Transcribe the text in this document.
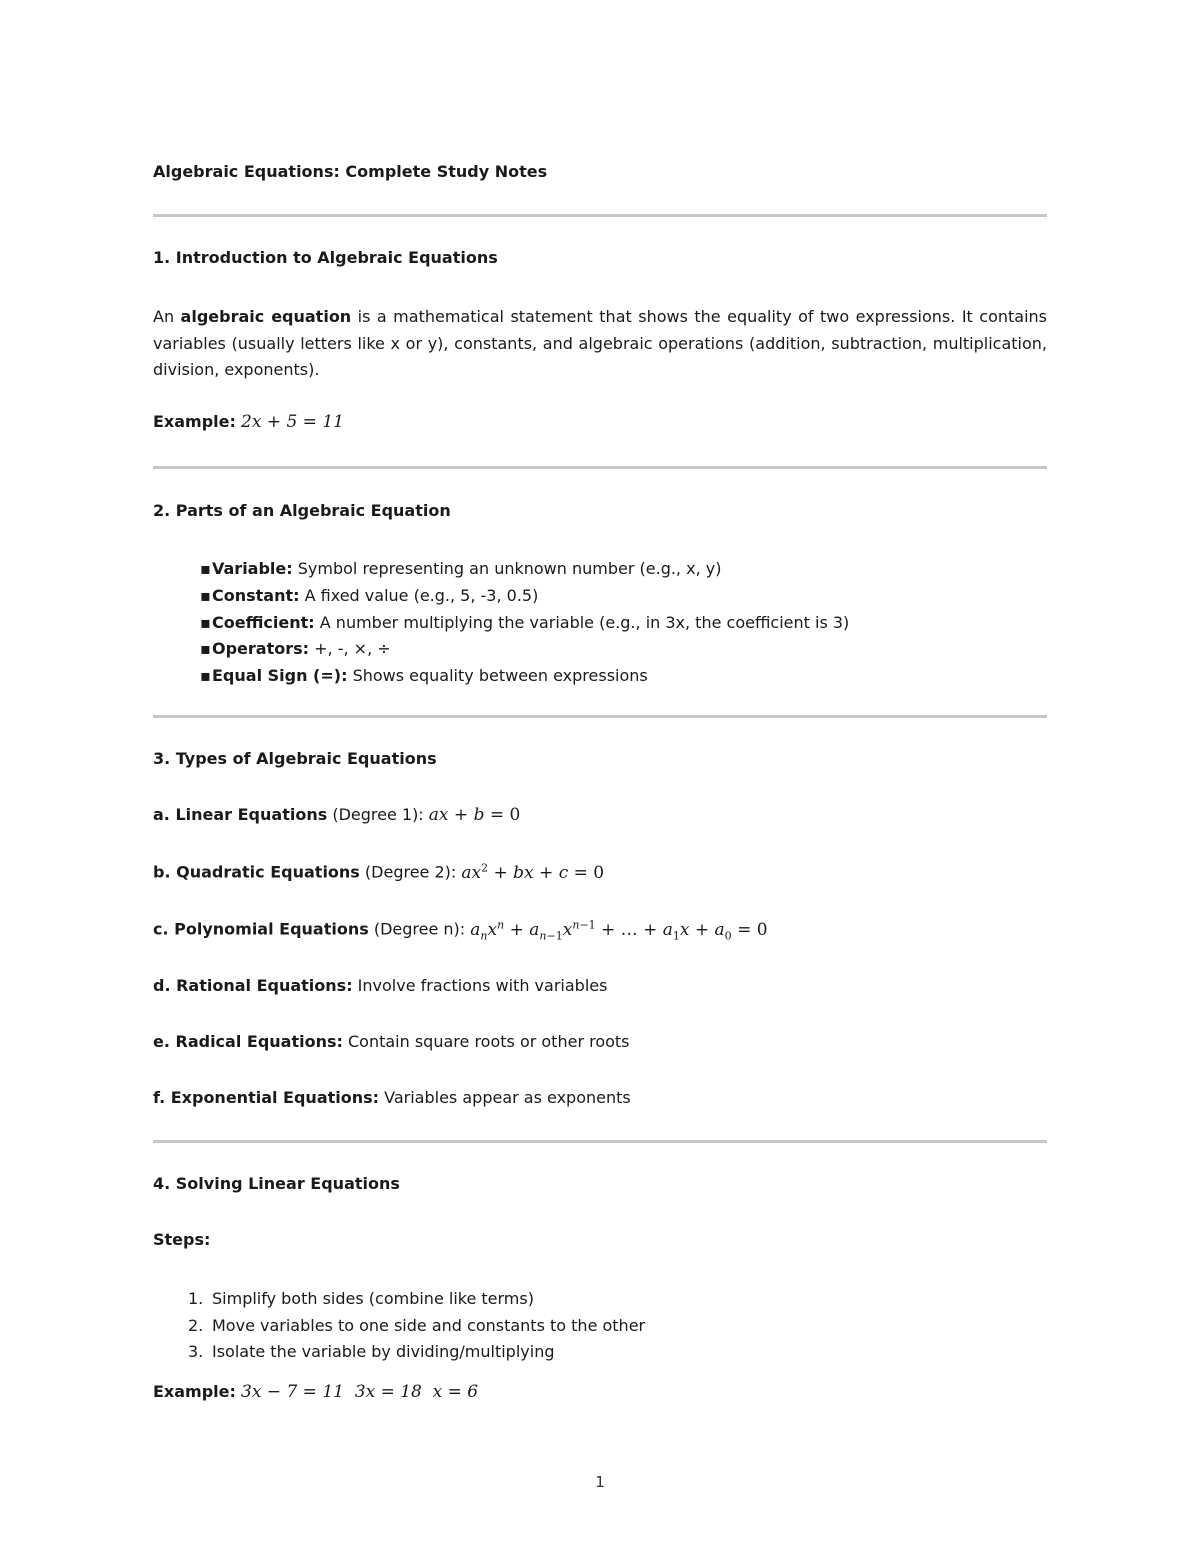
Algebraic Equations: Complete Study Notes
1. Introduction to Algebraic Equations
An algebraic equation is a mathematical statement that shows the equality of two expressions. It contains variables (usually letters like x or y), constants, and algebraic operations (addition, subtraction, multiplication, division, exponents).
Example: 2x + 5 = 11
2. Parts of an Algebraic Equation
▪Variable: Symbol representing an unknown number (e.g., x, y)
▪Constant: A fixed value (e.g., 5, -3, 0.5)
▪Coefficient: A number multiplying the variable (e.g., in 3x, the coefficient is 3)
▪Operators: +, -, ×, ÷
▪Equal Sign (=): Shows equality between expressions
3. Types of Algebraic Equations
a. Linear Equations (Degree 1): ax + b = 0
b. Quadratic Equations (Degree 2): $ax^2$ + bx + c = 0
c. Polynomial Equations (Degree n): $a_nx^n + a_{n-1}x^{n-1}$ + … + $a_1x + a_0 = 0$
d. Rational Equations: Involve fractions with variables
e. Radical Equations: Contain square roots or other roots
f. Exponential Equations: Variables appear as exponents
4. Solving Linear Equations
Steps:
1. Simplify both sides (combine like terms)
2. Move variables to one side and constants to the other
3. Isolate the variable by dividing/multiplying
Example: 3x − 7 = 11  3x = 18  x = 6
1
